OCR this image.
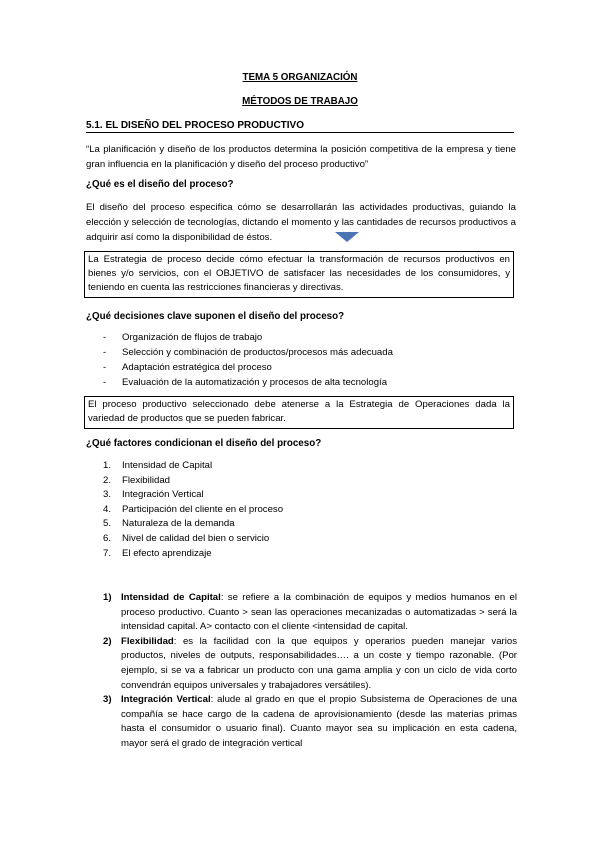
TEMA 5 ORGANIZACIÓN
MÉTODOS DE TRABAJO
5.1. EL DISEÑO DEL PROCESO PRODUCTIVO
“La planificación y diseño de los productos determina la posición competitiva de la empresa y tiene gran influencia en la planificación y diseño del proceso productivo”
¿Qué es el diseño del proceso?
El diseño del proceso especifica cómo se desarrollarán las actividades productivas, guiando la elección y selección de tecnologías, dictando el momento y las cantidades de recursos productivos a adquirir así como la disponibilidad de éstos.
La Estrategia de proceso decide cómo efectuar la transformación de recursos productivos en bienes y/o servicios, con el OBJETIVO de satisfacer las necesidades de los consumidores, y teniendo en cuenta las restricciones financieras y directivas.
¿Qué decisiones clave suponen el diseño del proceso?
- Organización de flujos de trabajo
- Selección y combinación de productos/procesos más adecuada
- Adaptación estratégica del proceso
- Evaluación de la automatización y procesos de alta tecnología
El proceso productivo seleccionado debe atenerse a la Estrategia de Operaciones dada la variedad de productos que se pueden fabricar.
¿Qué factores condicionan el diseño del proceso?
1. Intensidad de Capital
2. Flexibilidad
3. Integración Vertical
4. Participación del cliente en el proceso
5. Naturaleza de la demanda
6. Nivel de calidad del bien o servicio
7. El efecto aprendizaje
1) Intensidad de Capital: se refiere a la combinación de equipos y medios humanos en el proceso productivo. Cuanto > sean las operaciones mecanizadas o automatizadas > será la intensidad capital. A> contacto con el cliente <intensidad de capital.
2) Flexibilidad: es la facilidad con la que equipos y operarios pueden manejar varios productos, niveles de outputs, responsabilidades…. a un coste y tiempo razonable. (Por ejemplo, si se va a fabricar un producto con una gama amplia y con un ciclo de vida corto convendrán equipos universales y trabajadores versátiles).
3) Integración Vertical: alude al grado en que el propio Subsistema de Operaciones de una compañía se hace cargo de la cadena de aprovisionamiento (desde las materias primas hasta el consumidor o usuario final). Cuanto mayor sea su implicación en esta cadena, mayor será el grado de integración vertical
